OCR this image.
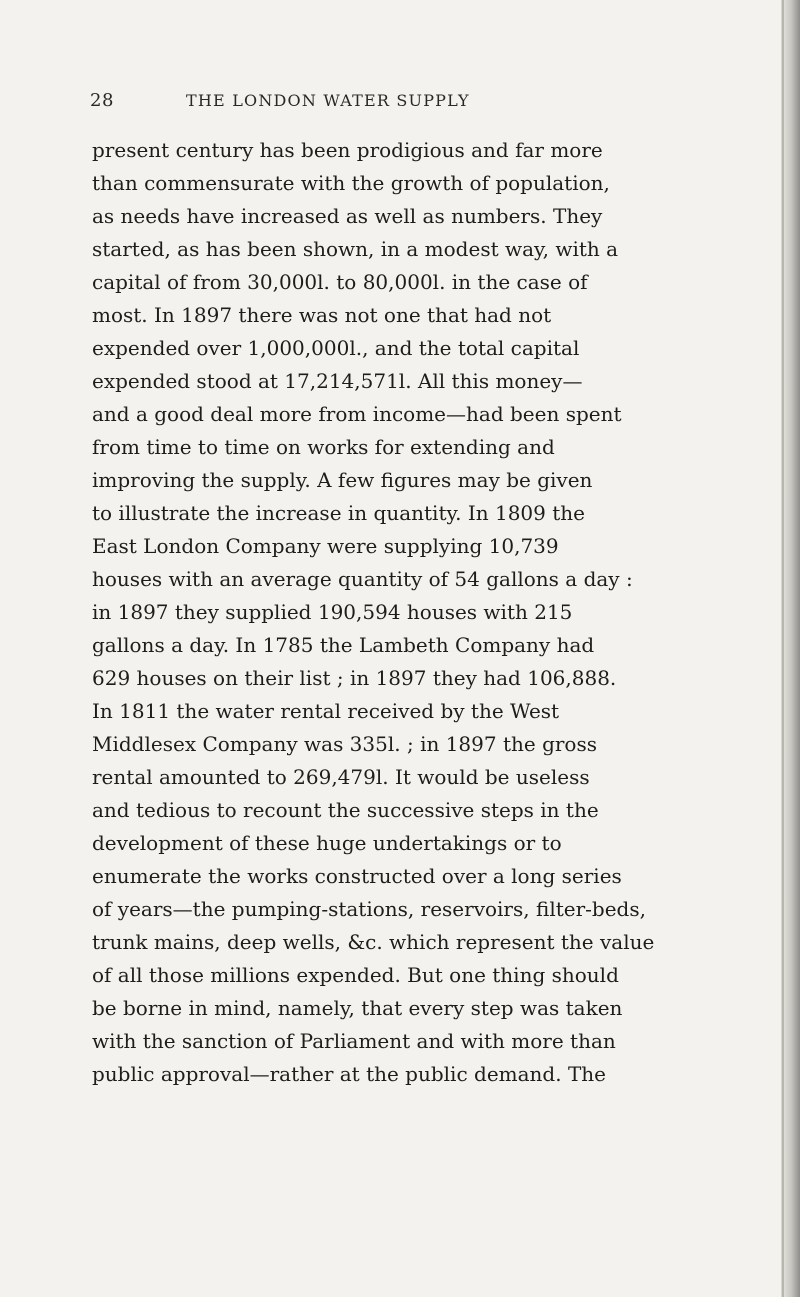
28	THE LONDON WATER SUPPLY
present century has been prodigious and far more
than commensurate with the growth of population,
as needs have increased as well as numbers. They
started, as has been shown, in a modest way, with a
capital of from 30,000l. to 80,000l. in the case of
most. In 1897 there was not one that had not
expended over 1,000,000l., and the total capital
expended stood at 17,214,571l. All this money—
and a good deal more from income—had been spent
from time to time on works for extending and
improving the supply. A few figures may be given
to illustrate the increase in quantity. In 1809 the
East London Company were supplying 10,739
houses with an average quantity of 54 gallons a day :
in 1897 they supplied 190,594 houses with 215
gallons a day. In 1785 the Lambeth Company had
629 houses on their list ; in 1897 they had 106,888.
In 1811 the water rental received by the West
Middlesex Company was 335l. ; in 1897 the gross
rental amounted to 269,479l. It would be useless
and tedious to recount the successive steps in the
development of these huge undertakings or to
enumerate the works constructed over a long series
of years—the pumping-stations, reservoirs, filter-beds,
trunk mains, deep wells, &c. which represent the value
of all those millions expended. But one thing should
be borne in mind, namely, that every step was taken
with the sanction of Parliament and with more than
public approval—rather at the public demand. The
